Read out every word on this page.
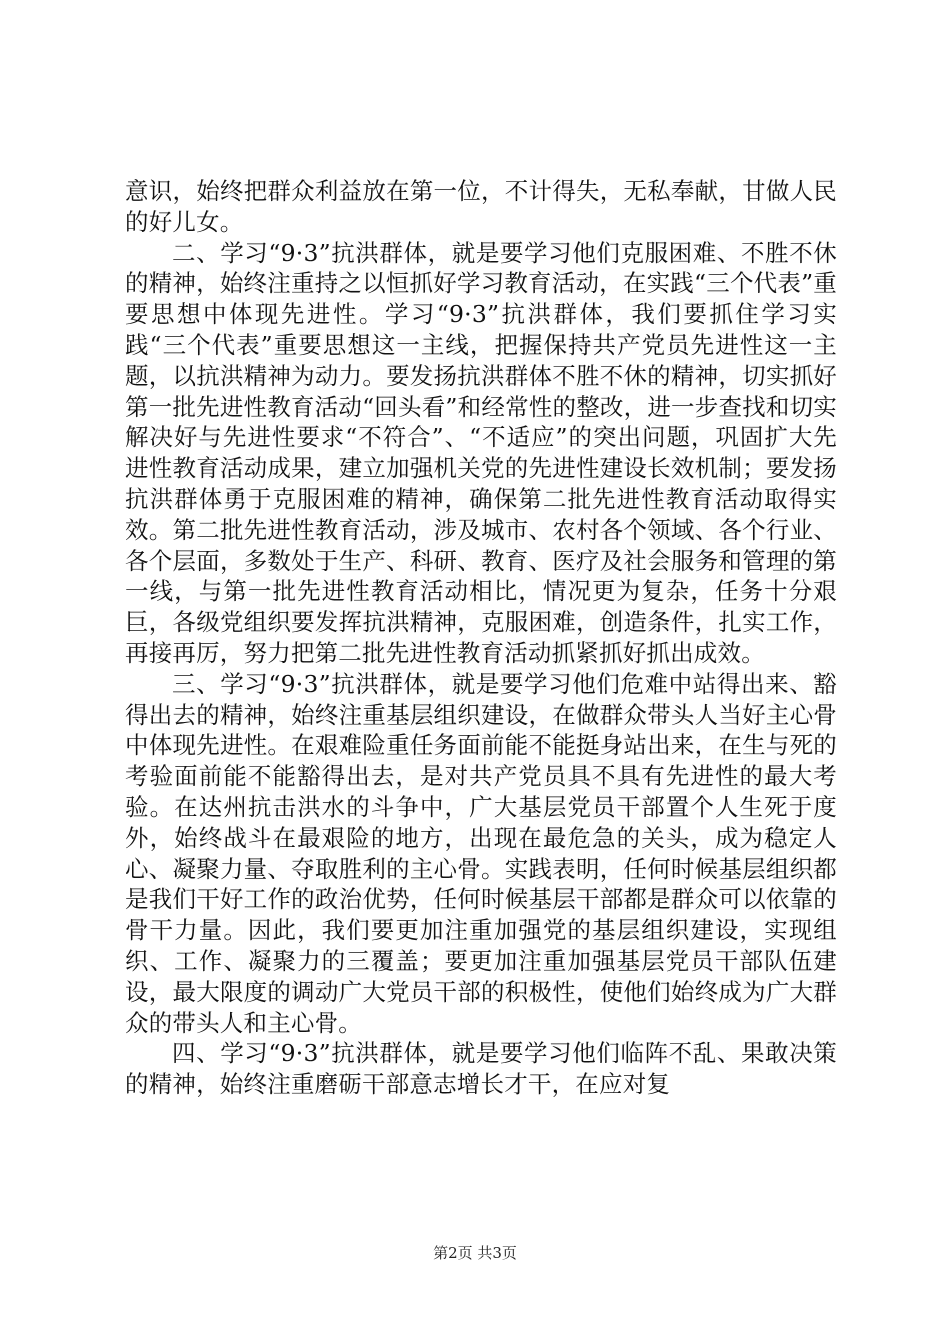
意识，始终把群众利益放在第一位，不计得失，无私奉献，甘做人民的好儿女。

二、学习“9·3”抗洪群体，就是要学习他们克服困难、不胜不休的精神，始终注重持之以恒抓好学习教育活动，在实践“三个代表”重要思想中体现先进性。学习“9·3”抗洪群体，我们要抓住学习实践“三个代表”重要思想这一主线，把握保持共产党员先进性这一主题，以抗洪精神为动力。要发扬抗洪群体不胜不休的精神，切实抓好第一批先进性教育活动“回头看”和经常性的整改，进一步查找和切实解决好与先进性要求“不符合”、“不适应”的突出问题，巩固扩大先进性教育活动成果，建立加强机关党的先进性建设长效机制；要发扬抗洪群体勇于克服困难的精神，确保第二批先进性教育活动取得实效。第二批先进性教育活动，涉及城市、农村各个领域、各个行业、各个层面，多数处于生产、科研、教育、医疗及社会服务和管理的第一线，与第一批先进性教育活动相比，情况更为复杂，任务十分艰巨，各级党组织要发挥抗洪精神，克服困难，创造条件，扎实工作，再接再厉，努力把第二批先进性教育活动抓紧抓好抓出成效。

三、学习“9·3”抗洪群体，就是要学习他们危难中站得出来、豁得出去的精神，始终注重基层组织建设，在做群众带头人当好主心骨中体现先进性。在艰难险重任务面前能不能挺身站出来，在生与死的考验面前能不能豁得出去，是对共产党员具不具有先进性的最大考验。在达州抗击洪水的斗争中，广大基层党员干部置个人生死于度外，始终战斗在最艰险的地方，出现在最危急的关头，成为稳定人心、凝聚力量、夺取胜利的主心骨。实践表明，任何时候基层组织都是我们干好工作的政治优势，任何时候基层干部都是群众可以依靠的骨干力量。因此，我们要更加注重加强党的基层组织建设，实现组织、工作、凝聚力的三覆盖；要更加注重加强基层党员干部队伍建设，最大限度的调动广大党员干部的积极性，使他们始终成为广大群众的带头人和主心骨。

四、学习“9·3”抗洪群体，就是要学习他们临阵不乱、果敢决策的精神，始终注重磨砺干部意志增长才干，在应对复

第2页 共3页
